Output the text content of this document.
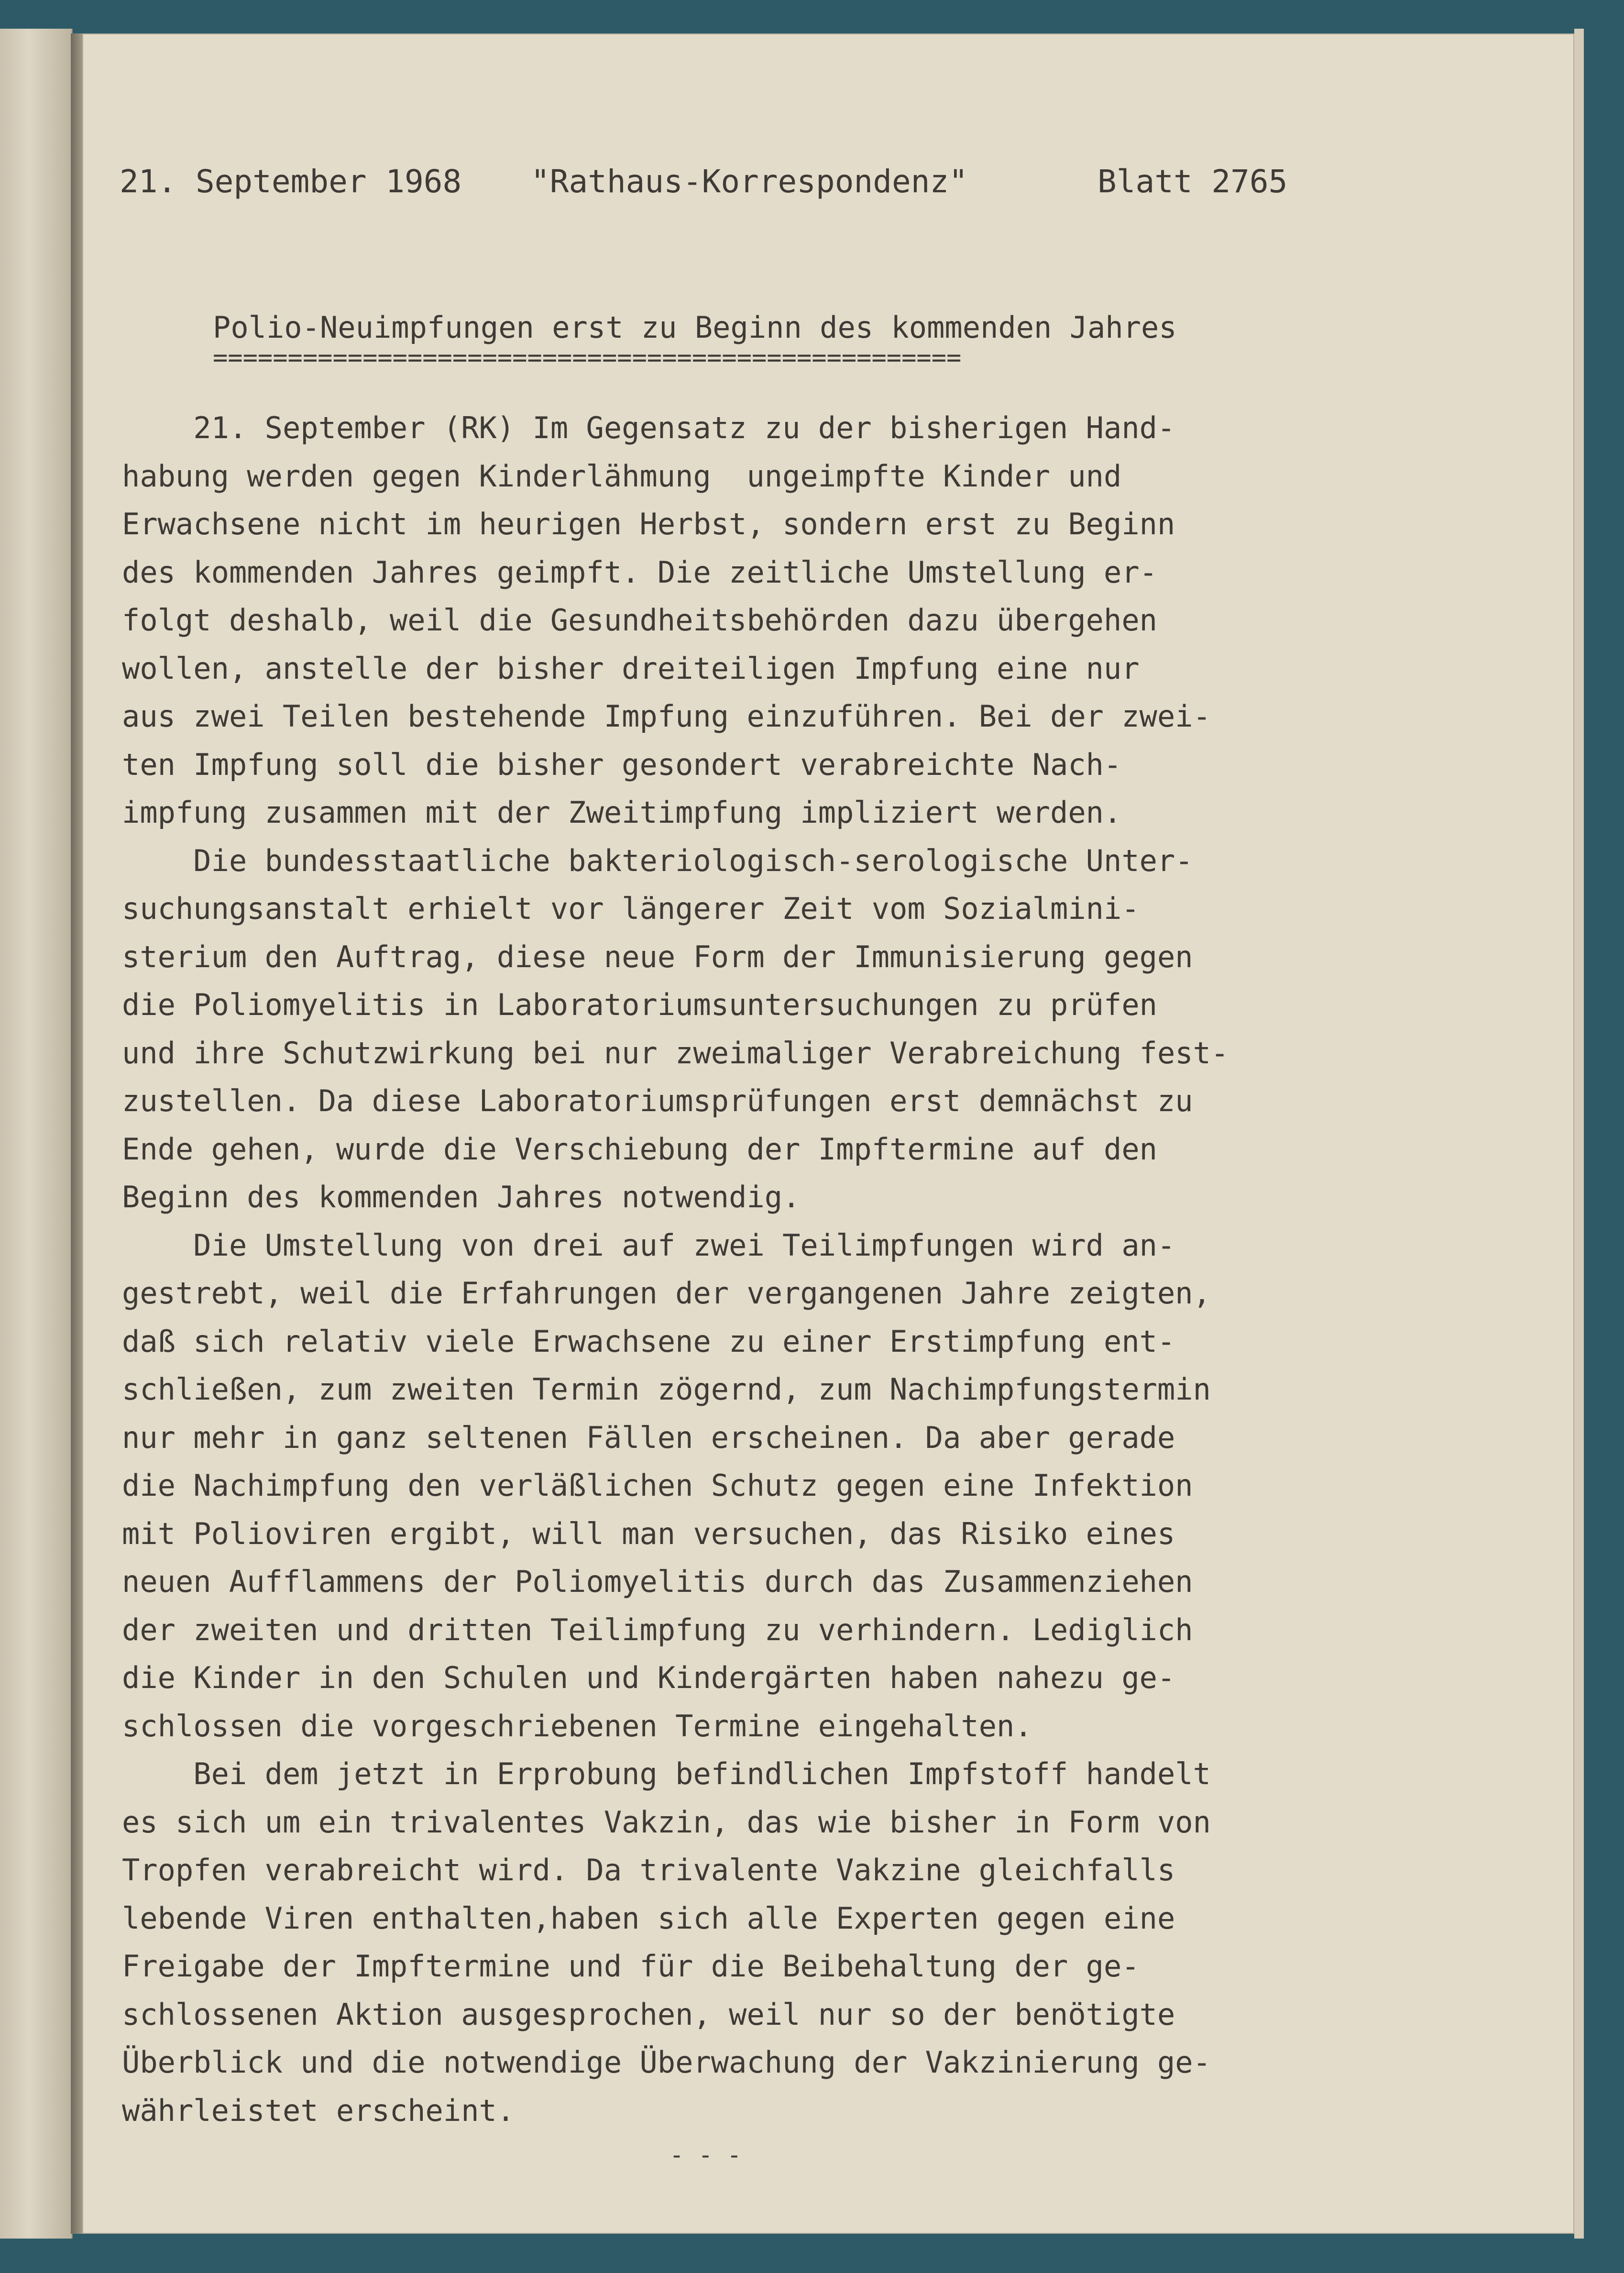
21. September 1968

"Rathaus-Korrespondenz"

	Blatt 2765

Polio-Neuimpfungen erst zu Beginn des kommenden Jahres
==================================================
21. September (RK) Im Gegensatz zu der bisherigen Hand-
habung werden gegen Kinderlähmung  ungeimpfte Kinder und
Erwachsene nicht im heurigen Herbst, sondern erst zu Beginn
des kommenden Jahres geimpft. Die zeitliche Umstellung er-
folgt deshalb, weil die Gesundheitsbehörden dazu übergehen
wollen, anstelle der bisher dreiteiligen Impfung eine nur
aus zwei Teilen bestehende Impfung einzuführen. Bei der zwei-
ten Impfung soll die bisher gesondert verabreichte Nach-
impfung zusammen mit der Zweitimpfung impliziert werden.
Die bundesstaatliche bakteriologisch-serologische Unter-
suchungsanstalt erhielt vor längerer Zeit vom Sozialmini-
sterium den Auftrag, diese neue Form der Immunisierung gegen
die Poliomyelitis in Laboratoriumsuntersuchungen zu prüfen
und ihre Schutzwirkung bei nur zweimaliger Verabreichung fest-
zustellen. Da diese Laboratoriumsprüfungen erst demnächst zu
Ende gehen, wurde die Verschiebung der Impftermine auf den
Beginn des kommenden Jahres notwendig.
Die Umstellung von drei auf zwei Teilimpfungen wird an-
gestrebt, weil die Erfahrungen der vergangenen Jahre zeigten,
daß sich relativ viele Erwachsene zu einer Erstimpfung ent-
schließen, zum zweiten Termin zögernd, zum Nachimpfungstermin
nur mehr in ganz seltenen Fällen erscheinen. Da aber gerade
die Nachimpfung den verläßlichen Schutz gegen eine Infektion
mit Polioviren ergibt, will man versuchen, das Risiko eines
neuen Aufflammens der Poliomyelitis durch das Zusammenziehen
der zweiten und dritten Teilimpfung zu verhindern. Lediglich
die Kinder in den Schulen und Kindergärten haben nahezu ge-
schlossen die vorgeschriebenen Termine eingehalten.
Bei dem jetzt in Erprobung befindlichen Impfstoff handelt
es sich um ein trivalentes Vakzin, das wie bisher in Form von
Tropfen verabreicht wird. Da trivalente Vakzine gleichfalls
lebende Viren enthalten,haben sich alle Experten gegen eine
Freigabe der Impftermine und für die Beibehaltung der ge-
schlossenen Aktion ausgesprochen, weil nur so der benötigte
Überblick und die notwendige Überwachung der Vakzinierung ge-
währleistet erscheint.
- - -
